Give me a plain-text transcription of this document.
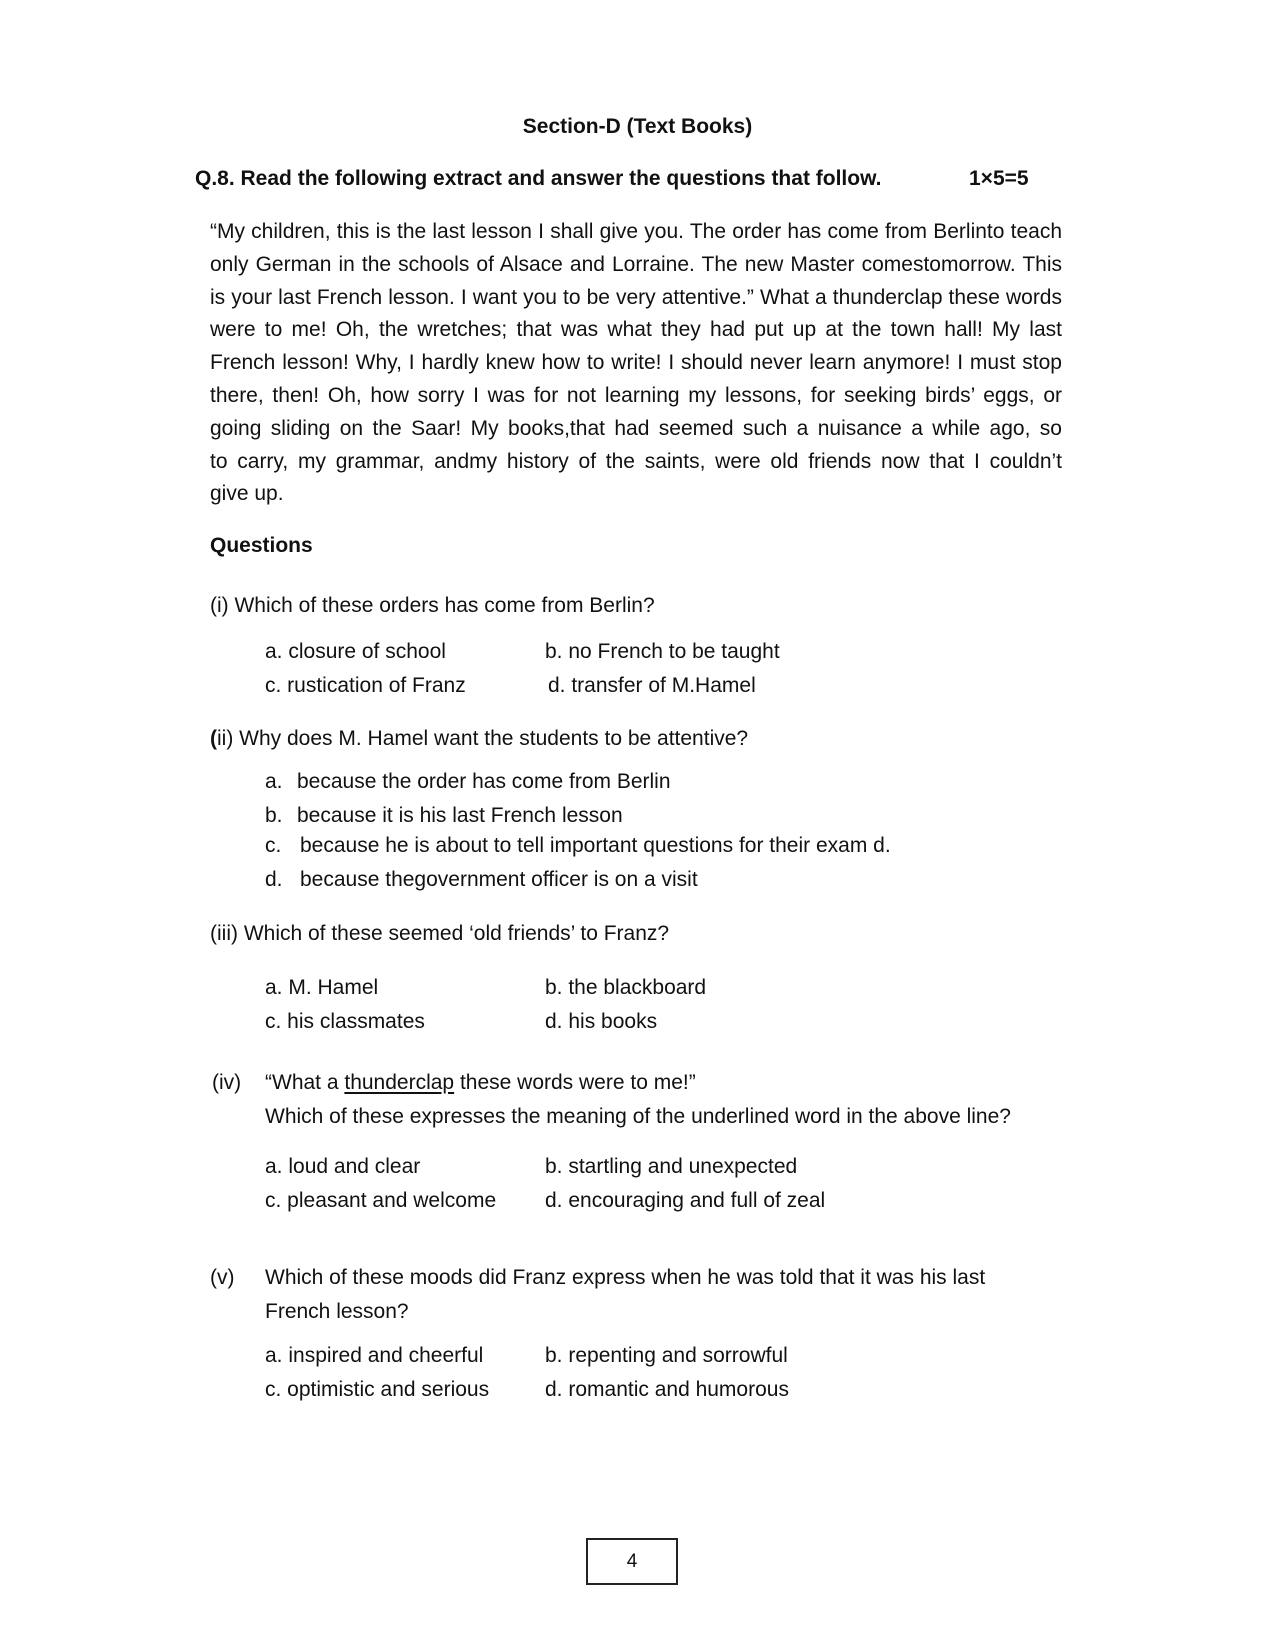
Section-D (Text Books)
Q.8. Read the following extract and answer the questions that follow.	1×5=5
“My children, this is the last lesson I shall give you. The order has come from Berlinto teach
only German in the schools of Alsace and Lorraine. The new Master comestomorrow. This
is your last French lesson. I want you to be very attentive.” What a thunderclap these words
were to me! Oh, the wretches; that was what they had put up at the town hall! My last
French lesson! Why, I hardly knew how to write! I should never learn anymore! I must stop
there, then! Oh, how sorry I was for not learning my lessons, for seeking birds’ eggs, or
going sliding on the Saar! My books,that had seemed such a nuisance a while ago, so
to carry, my grammar, andmy history of the saints, were old friends now that I couldn’t
give up.
Questions
(i) Which of these orders has come from Berlin?
a. closure of school	b. no French to be taught
c. rustication of Franz	d. transfer of M.Hamel
(ii) Why does M. Hamel want the students to be attentive?
a. because the order has come from Berlin
b. because it is his last French lesson
c. because he is about to tell important questions for their exam d.
d. because thegovernment officer is on a visit
(iii) Which of these seemed ‘old friends’ to Franz?
a. M. Hamel	b. the blackboard
c. his classmates	d. his books
(iv) “What a thunderclap these words were to me!”
Which of these expresses the meaning of the underlined word in the above line?
a. loud and clear	b. startling and unexpected
c. pleasant and welcome d. encouraging and full of zeal
(v) Which of these moods did Franz express when he was told that it was his last
French lesson?
a. inspired and cheerful	b. repenting and sorrowful
c. optimistic and serious	d. romantic and humorous
4
